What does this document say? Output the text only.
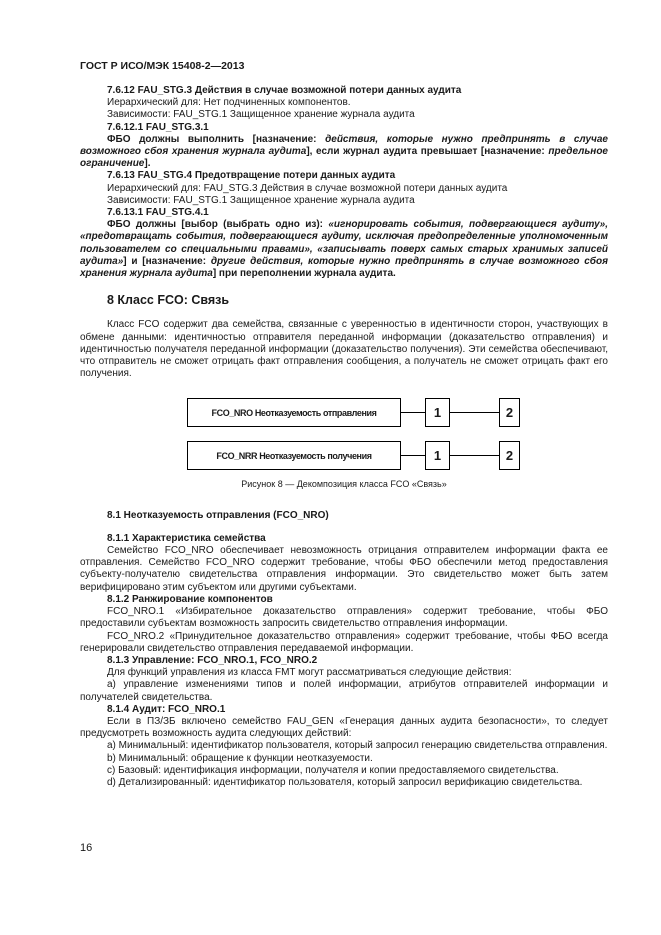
ГОСТ Р ИСО/МЭК 15408-2—2013

7.6.12 FAU_STG.3 Действия в случае возможной потери данных аудита

Иерархический для: Нет подчиненных компонентов.

Зависимости: FAU_STG.1 Защищенное хранение журнала аудита

7.6.12.1 FAU_STG.3.1

ФБО должны выполнить [назначение: действия, которые нужно предпринять в случае возможного сбоя хранения журнала аудита], если журнал аудита превышает [назначение: предельное ограничение].

7.6.13 FAU_STG.4 Предотвращение потери данных аудита

Иерархический для: FAU_STG.3 Действия в случае возможной потери данных аудита

Зависимости: FAU_STG.1 Защищенное хранение журнала аудита

7.6.13.1 FAU_STG.4.1

ФБО должны [выбор (выбрать одно из): «игнорировать события, подвергающиеся аудиту», «предотвращать события, подвергающиеся аудиту, исключая предопределенные уполномоченным пользователем со специальными правами», «записывать поверх самых старых хранимых записей аудита»] и [назначение: другие действия, которые нужно предпринять в случае возможного сбоя хранения журнала аудита] при переполнении журнала аудита.

8 Класс FCO: Связь

Класс FCO содержит два семейства, связанные с уверенностью в идентичности сторон, участвующих в обмене данными: идентичностью отправителя переданной информации (доказательство отправления) и идентичностью получателя переданной информации (доказательство получения). Эти семейства обеспечивают, что отправитель не сможет отрицать факт отправления сообщения, а получатель не сможет отрицать факт его получения.

FCO_NRO Неотказуемость отправления	1	2
FCO_NRR Неотказуемость получения	1	2

Рисунок 8 — Декомпозиция класса FCO «Связь»

8.1 Неотказуемость отправления (FCO_NRO)

8.1.1 Характеристика семейства

Семейство FCO_NRO обеспечивает невозможность отрицания отправителем информации факта ее отправления. Семейство FCO_NRO содержит требование, чтобы ФБО обеспечили метод предоставления субъекту-получателю свидетельства отправления информации. Это свидетельство может быть затем верифицировано этим субъектом или другими субъектами.

8.1.2 Ранжирование компонентов

FCO_NRO.1 «Избирательное доказательство отправления» содержит требование, чтобы ФБО предоставили субъектам возможность запросить свидетельство отправления информации.

FCO_NRO.2 «Принудительное доказательство отправления» содержит требование, чтобы ФБО всегда генерировали свидетельство отправления передаваемой информации.

8.1.3 Управление: FCO_NRO.1, FCO_NRO.2

Для функций управления из класса FMT могут рассматриваться следующие действия:

а) управление изменениями типов и полей информации, атрибутов отправителей информации и получателей свидетельства.

8.1.4 Аудит: FCO_NRO.1

Если в ПЗ/ЗБ включено семейство FAU_GEN «Генерация данных аудита безопасности», то следует предусмотреть возможность аудита следующих действий:

а) Минимальный: идентификатор пользователя, который запросил генерацию свидетельства отправления.

b) Минимальный: обращение к функции неотказуемости.

c) Базовый: идентификация информации, получателя и копии предоставляемого свидетельства.

d) Детализированный: идентификатор пользователя, который запросил верификацию свидетельства.

16
